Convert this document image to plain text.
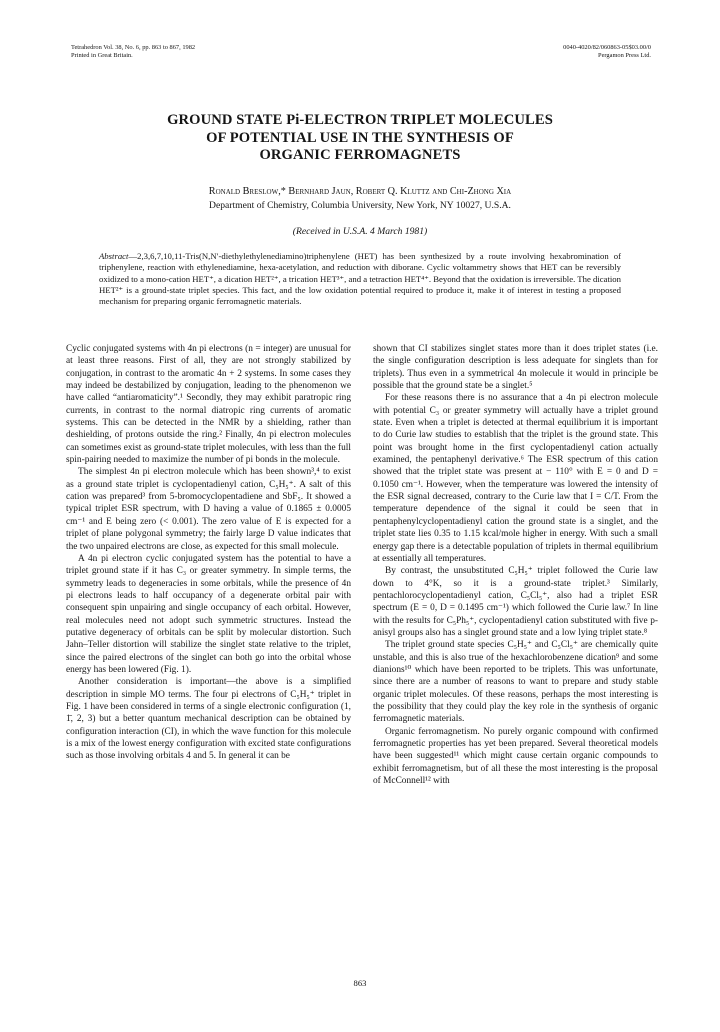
Tetrahedron Vol. 38, No. 6, pp. 863 to 867, 1982
Printed in Great Britain.
0040-4020/82/060863-05$03.00/0
Pergamon Press Ltd.
GROUND STATE Pi-ELECTRON TRIPLET MOLECULES
OF POTENTIAL USE IN THE SYNTHESIS OF
ORGANIC FERROMAGNETS
Ronald Breslow,* Bernhard Jaun, Robert Q. Kluttz and Chi-Zhong Xia
Department of Chemistry, Columbia University, New York, NY 10027, U.S.A.
(Received in U.S.A. 4 March 1981)
Abstract—2,3,6,7,10,11-Tris(N,N′-diethylethylenediamino)triphenylene (HET) has been synthesized by a route involving hexabromination of triphenylene, reaction with ethylenediamine, hexa-acetylation, and reduction with diborane. Cyclic voltammetry shows that HET can be reversibly oxidized to a mono-cation HET⁺, a dication HET²⁺, a trication HET³⁺, and a tetraction HET⁴⁺. Beyond that the oxidation is irreversible. The dication HET²⁺ is a ground-state triplet species. This fact, and the low oxidation potential required to produce it, make it of interest in testing a proposed mechanism for preparing organic ferromagnetic materials.

Cyclic conjugated systems with 4n pi electrons (n = integer) are unusual for at least three reasons. First of all, they are not strongly stabilized by conjugation, in contrast to the aromatic 4n + 2 systems. In some cases they may indeed be destabilized by conjugation, leading to the phenomenon we have called “antiaromaticity”.¹ Secondly, they may exhibit paratropic ring currents, in contrast to the normal diatropic ring currents of aromatic systems. This can be detected in the NMR by a shielding, rather than deshielding, of protons outside the ring.² Finally, 4n pi electron molecules can sometimes exist as ground-state triplet molecules, with less than the full spin-pairing needed to maximize the number of pi bonds in the molecule.

The simplest 4n pi electron molecule which has been shown³,⁴ to exist as a ground state triplet is cyclopentadienyl cation, C₅H₅⁺. A salt of this cation was prepared³ from 5-bromocyclopentadiene and SbF₅. It showed a typical triplet ESR spectrum, with D having a value of 0.1865 ± 0.0005 cm⁻¹ and E being zero (< 0.001). The zero value of E is expected for a triplet of plane polygonal symmetry; the fairly large D value indicates that the two unpaired electrons are close, as expected for this small molecule.

A 4n pi electron cyclic conjugated system has the potential to have a triplet ground state if it has C₃ or greater symmetry. In simple terms, the symmetry leads to degeneracies in some orbitals, while the presence of 4n pi electrons leads to half occupancy of a degenerate orbital pair with consequent spin unpairing and single occupancy of each orbital. However, real molecules need not adopt such symmetric structures. Instead the putative degeneracy of orbitals can be split by molecular distortion. Such Jahn–Teller distortion will stabilize the singlet state relative to the triplet, since the paired electrons of the singlet can both go into the orbital whose energy has been lowered (Fig. 1).

Another consideration is important—the above is a simplified description in simple MO terms. The four pi electrons of C₅H₅⁺ triplet in Fig. 1 have been considered in terms of a single electronic configuration (1, 1̄, 2, 3) but a better quantum mechanical description can be obtained by configuration interaction (CI), in which the wave function for this molecule is a mix of the lowest energy configuration with excited state configurations such as those involving orbitals 4 and 5. In general it can be

shown that CI stabilizes singlet states more than it does triplet states (i.e. the single configuration description is less adequate for singlets than for triplets). Thus even in a symmetrical 4n molecule it would in principle be possible that the ground state be a singlet.⁵

For these reasons there is no assurance that a 4n pi electron molecule with potential C₃ or greater symmetry will actually have a triplet ground state. Even when a triplet is detected at thermal equilibrium it is important to do Curie law studies to establish that the triplet is the ground state. This point was brought home in the first cyclopentadienyl cation actually examined, the pentaphenyl derivative.⁶ The ESR spectrum of this cation showed that the triplet state was present at − 110° with E = 0 and D = 0.1050 cm⁻¹. However, when the temperature was lowered the intensity of the ESR signal decreased, contrary to the Curie law that I = C/T. From the temperature dependence of the signal it could be seen that in pentaphenylcyclopentadienyl cation the ground state is a singlet, and the triplet state lies 0.35 to 1.15 kcal/mole higher in energy. With such a small energy gap there is a detectable population of triplets in thermal equilibrium at essentially all temperatures.

By contrast, the unsubstituted C₅H₅⁺ triplet followed the Curie law down to 4°K, so it is a ground-state triplet.³ Similarly, pentachlorocyclopentadienyl cation, C₅Cl₅⁺, also had a triplet ESR spectrum (E = 0, D = 0.1495 cm⁻¹) which followed the Curie law.⁷ In line with the results for C₅Ph₅⁺, cyclopentadienyl cation substituted with five p-anisyl groups also has a singlet ground state and a low lying triplet state.⁸

The triplet ground state species C₅H₅⁺ and C₅Cl₅⁺ are chemically quite unstable, and this is also true of the hexachlorobenzene dication⁹ and some dianions¹⁰ which have been reported to be triplets. This was unfortunate, since there are a number of reasons to want to prepare and study stable organic triplet molecules. Of these reasons, perhaps the most interesting is the possibility that they could play the key role in the synthesis of organic ferromagnetic materials.

Organic ferromagnetism. No purely organic compound with confirmed ferromagnetic properties has yet been prepared. Several theoretical models have been suggested¹¹ which might cause certain organic compounds to exhibit ferromagnetism, but of all these the most interesting is the proposal of McConnell¹² with

863
